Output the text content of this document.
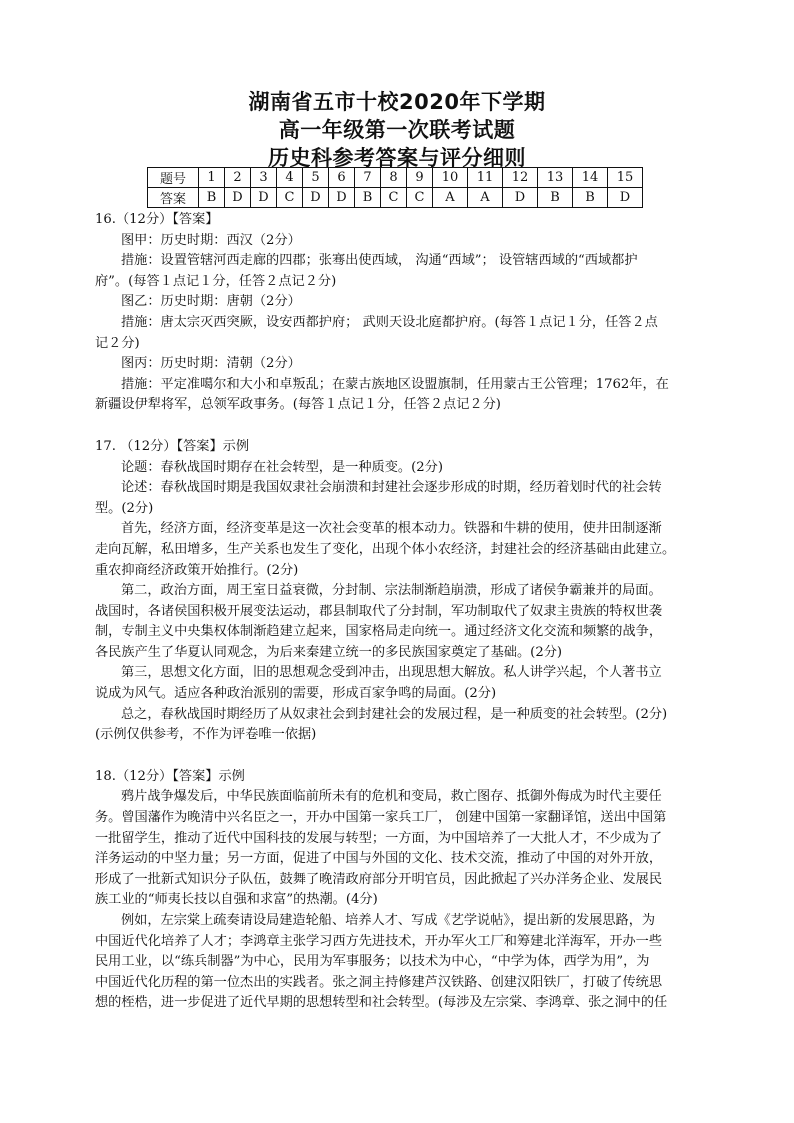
湖南省五市十校2020年下学期
高一年级第一次联考试题
历史科参考答案与评分细则
题号	1	2	3	4	5	6	7	8	9	10	11	12	13	14	15
答案	B	D	D	C	D	D	B	C	C	A	A	D	B	B	D
16.（12分）【答案】
图甲：历史时期：西汉（2分）
措施：设置管辖河西走廊的四郡；张骞出使西域， 沟通“西域”； 设管辖西域的“西域都护
府”。(每答１点记１分，任答２点记２分)
图乙：历史时期：唐朝（2分）
措施：唐太宗灭西突厥，设安西都护府； 武则天设北庭都护府。(每答１点记１分，任答２点
记２分)
图丙：历史时期：清朝（2分）
措施：平定准噶尔和大小和卓叛乱；在蒙古族地区设盟旗制，任用蒙古王公管理；1762年，在
新疆设伊犁将军，总领军政事务。(每答１点记１分，任答２点记２分)
17. （12分）【答案】示例
论题：春秋战国时期存在社会转型，是一种质变。(2分)
论述：春秋战国时期是我国奴隶社会崩溃和封建社会逐步形成的时期，经历着划时代的社会转
型。(2分)
首先，经济方面，经济变革是这一次社会变革的根本动力。铁器和牛耕的使用，使井田制逐渐
走向瓦解，私田增多，生产关系也发生了变化，出现个体小农经济，封建社会的经济基础由此建立。
重农抑商经济政策开始推行。(2分)
第二，政治方面，周王室日益衰微，分封制、宗法制渐趋崩溃，形成了诸侯争霸兼并的局面。
战国时，各诸侯国积极开展变法运动，郡县制取代了分封制，军功制取代了奴隶主贵族的特权世袭
制，专制主义中央集权体制渐趋建立起来，国家格局走向统一。通过经济文化交流和频繁的战争，
各民族产生了华夏认同观念，为后来秦建立统一的多民族国家奠定了基础。(2分)
第三，思想文化方面，旧的思想观念受到冲击，出现思想大解放。私人讲学兴起，个人著书立
说成为风气。适应各种政治派别的需要，形成百家争鸣的局面。(2分)
总之，春秋战国时期经历了从奴隶社会到封建社会的发展过程，是一种质变的社会转型。(2分)
(示例仅供参考，不作为评卷唯一依据)
18.（12分）【答案】示例
鸦片战争爆发后，中华民族面临前所未有的危机和变局，救亡图存、抵御外侮成为时代主要任
务。曾国藩作为晚清中兴名臣之一，开办中国第一家兵工厂， 创建中国第一家翻译馆，送出中国第
一批留学生，推动了近代中国科技的发展与转型；一方面，为中国培养了一大批人才，不少成为了
洋务运动的中坚力量；另一方面，促进了中国与外国的文化、技术交流，推动了中国的对外开放，
形成了一批新式知识分子队伍，鼓舞了晚清政府部分开明官员，因此掀起了兴办洋务企业、发展民
族工业的“师夷长技以自强和求富”的热潮。(4分)
例如，左宗棠上疏奏请设局建造轮船、培养人才、写成《艺学说帖》，提出新的发展思路，为
中国近代化培养了人才；李鸿章主张学习西方先进技术，开办军火工厂和筹建北洋海军，开办一些
民用工业，以“练兵制器”为中心，民用为军事服务；以技术为中心，“中学为体，西学为用”，为
中国近代化历程的第一位杰出的实践者。张之洞主持修建芦汉铁路、创建汉阳铁厂，打破了传统思
想的桎梏，进一步促进了近代早期的思想转型和社会转型。(每涉及左宗棠、李鸿章、张之洞中的任
